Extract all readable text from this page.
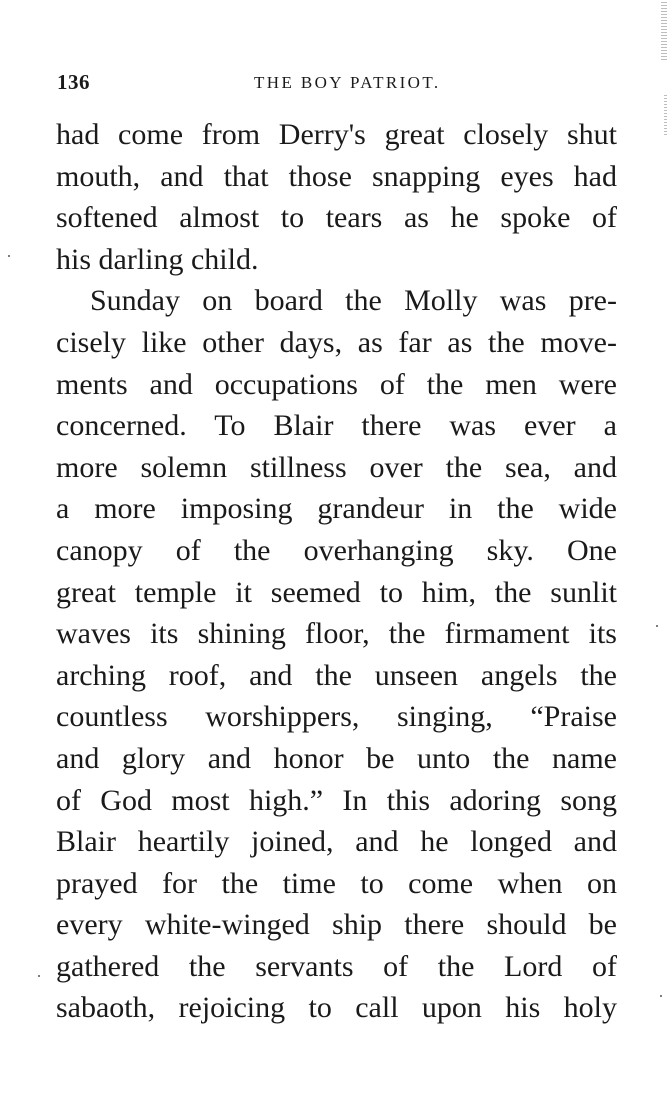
136	THE BOY PATRIOT.
had come from Derry's great closely shut
mouth, and that those snapping eyes had
softened almost to tears as he spoke of
his darling child.
Sunday on board the Molly was pre-
cisely like other days, as far as the move-
ments and occupations of the men were
concerned. To Blair there was ever a
more solemn stillness over the sea, and
a more imposing grandeur in the wide
canopy of the overhanging sky. One
great temple it seemed to him, the sunlit
waves its shining floor, the firmament its
arching roof, and the unseen angels the
countless worshippers, singing, “Praise
and glory and honor be unto the name
of God most high.” In this adoring song
Blair heartily joined, and he longed and
prayed for the time to come when on
every white-winged ship there should be
gathered the servants of the Lord of
sabaoth, rejoicing to call upon his holy
